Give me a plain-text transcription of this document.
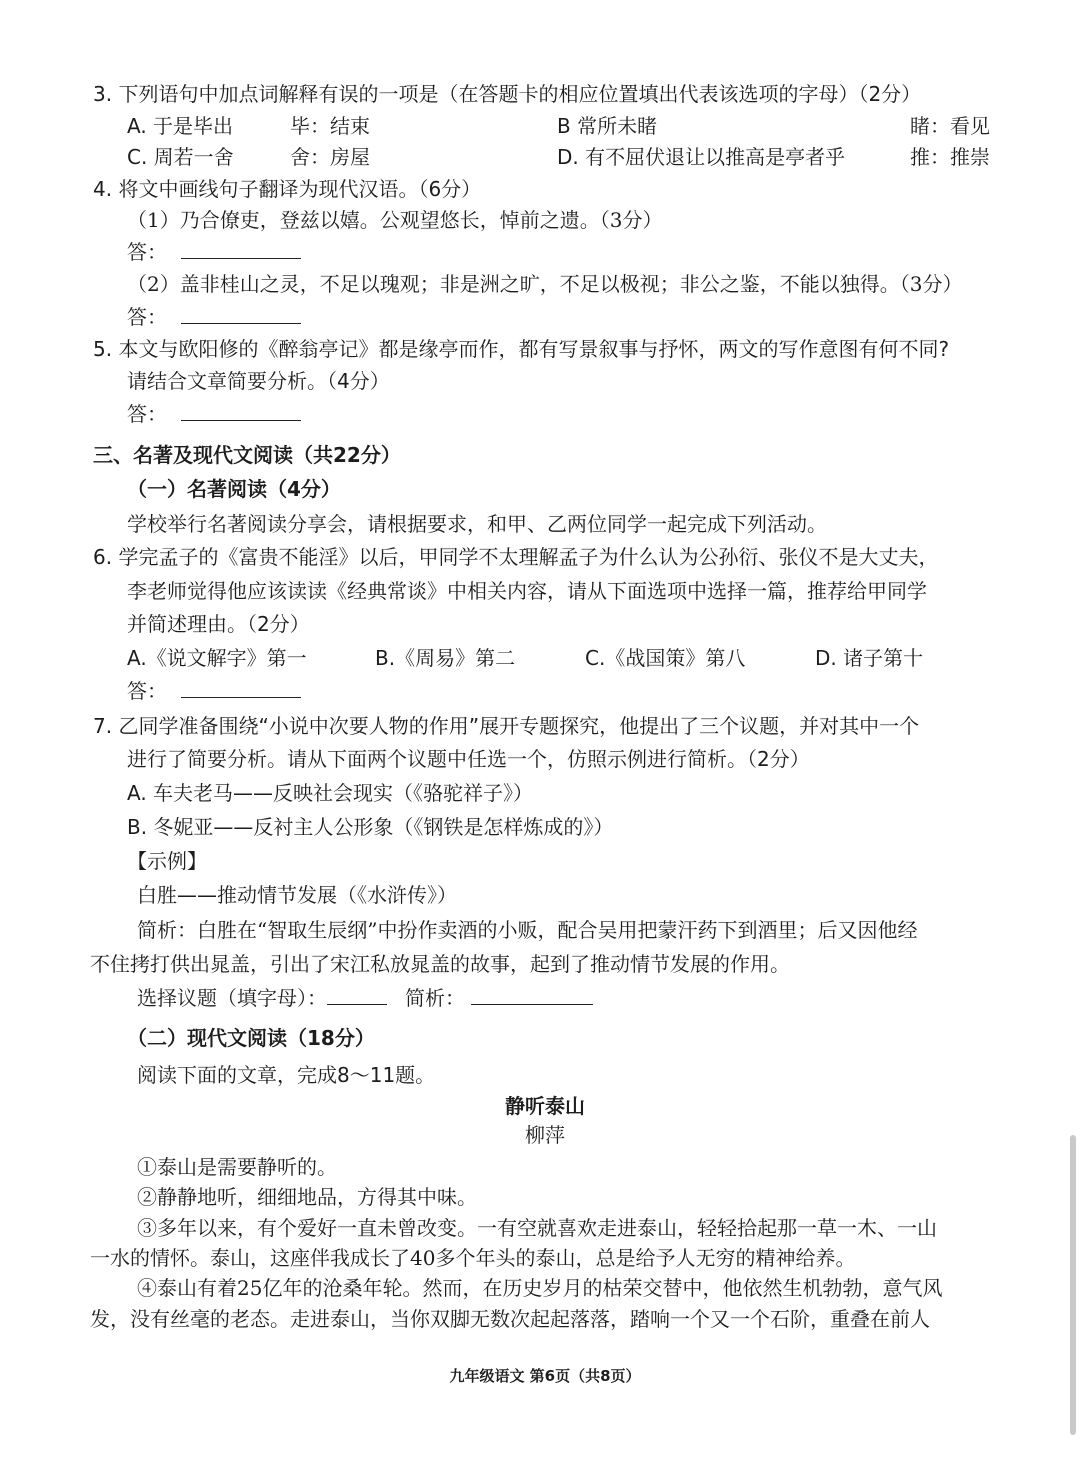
3. 下列语句中加点词解释有误的一项是（在答题卡的相应位置填出代表该选项的字母）（2分）
A. 于是毕出	毕：结束	B 常所未睹	睹：看见
C. 周若一舍	舍：房屋	D. 有不屈伏退让以推高是亭者乎	推：推崇
4. 将文中画线句子翻译为现代汉语。（6分）
（1）乃合僚吏，登兹以嬉。公观望悠长，悼前之遗。（3分）
答：
（2）盖非桂山之灵，不足以瑰观；非是洲之旷，不足以极视；非公之鉴，不能以独得。（3分）
答：
5. 本文与欧阳修的《醉翁亭记》都是缘亭而作，都有写景叙事与抒怀，两文的写作意图有何不同?
请结合文章简要分析。（4分）
答：
三、名著及现代文阅读（共22分）
（一）名著阅读（4分）
学校举行名著阅读分享会，请根据要求，和甲、乙两位同学一起完成下列活动。
6. 学完孟子的《富贵不能淫》以后，甲同学不太理解孟子为什么认为公孙衍、张仪不是大丈夫，
李老师觉得他应该读读《经典常谈》中相关内容，请从下面选项中选择一篇，推荐给甲同学
并简述理由。（2分）
A.《说文解字》第一	B.《周易》第二	C.《战国策》第八	D. 诸子第十
答：
7. 乙同学准备围绕“小说中次要人物的作用”展开专题探究，他提出了三个议题，并对其中一个
进行了简要分析。请从下面两个议题中任选一个，仿照示例进行简析。（2分）
A. 车夫老马——反映社会现实（《骆驼祥子》）
B. 冬妮亚——反衬主人公形象（《钢铁是怎样炼成的》）
【示例】
白胜——推动情节发展（《水浒传》）
简析：白胜在“智取生辰纲”中扮作卖酒的小贩，配合吴用把蒙汗药下到酒里；后又因他经
不住拷打供出晁盖，引出了宋江私放晁盖的故事，起到了推动情节发展的作用。
选择议题（填字母）：	简析：
（二）现代文阅读（18分）
阅读下面的文章，完成8～11题。
静听泰山
柳萍
①泰山是需要静听的。
②静静地听，细细地品，方得其中味。
③多年以来，有个爱好一直未曾改变。一有空就喜欢走进泰山，轻轻拾起那一草一木、一山
一水的情怀。泰山，这座伴我成长了40多个年头的泰山，总是给予人无穷的精神给养。
④泰山有着25亿年的沧桑年轮。然而，在历史岁月的枯荣交替中，他依然生机勃勃，意气风
发，没有丝毫的老态。走进泰山，当你双脚无数次起起落落，踏响一个又一个石阶，重叠在前人
九年级语文 第6页（共8页）
